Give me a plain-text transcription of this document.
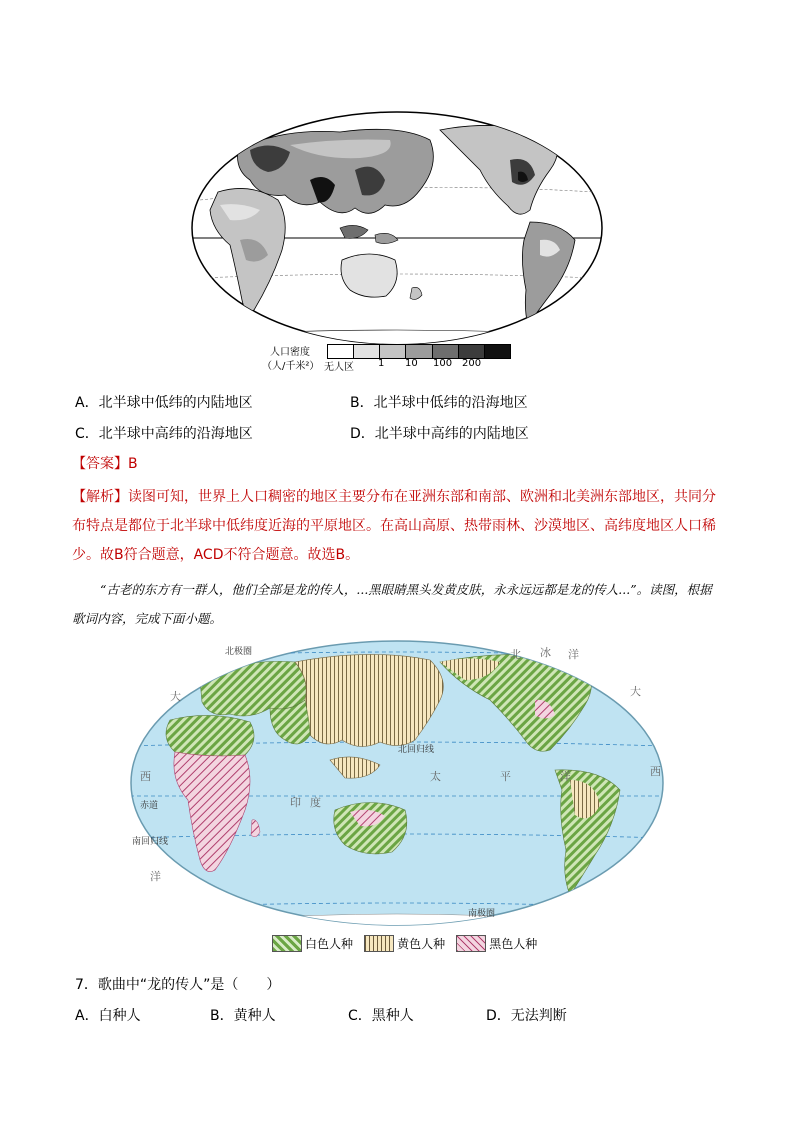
人口密度
（人/千米²） 无人区 1 10 100 200
A．北半球中低纬的内陆地区	B．北半球中低纬的沿海地区
C．北半球中高纬的沿海地区	D．北半球中高纬的内陆地区
【答案】B
【解析】读图可知，世界上人口稠密的地区主要分布在亚洲东部和南部、欧洲和北美洲东部地区，共同分布特点是都位于北半球中低纬度近海的平原地区。在高山高原、热带雨林、沙漠地区、高纬度地区人口稀少。故B符合题意，ACD不符合题意。故选B。
“古老的东方有一群人，他们全部是龙的传人，...黑眼睛黑头发黄皮肤，永永远远都是龙的传人...”。读图，根据歌词内容，完成下面小题。
北极圈
北回归线
赤道
南回归线
南极圈
北 冰 洋
大	大
西	西
洋
印 度
太	平	洋
白色人种	黄色人种	黑色人种
7．歌曲中“龙的传人”是（　　）
A．白种人	B．黄种人	C．黑种人	D．无法判断
